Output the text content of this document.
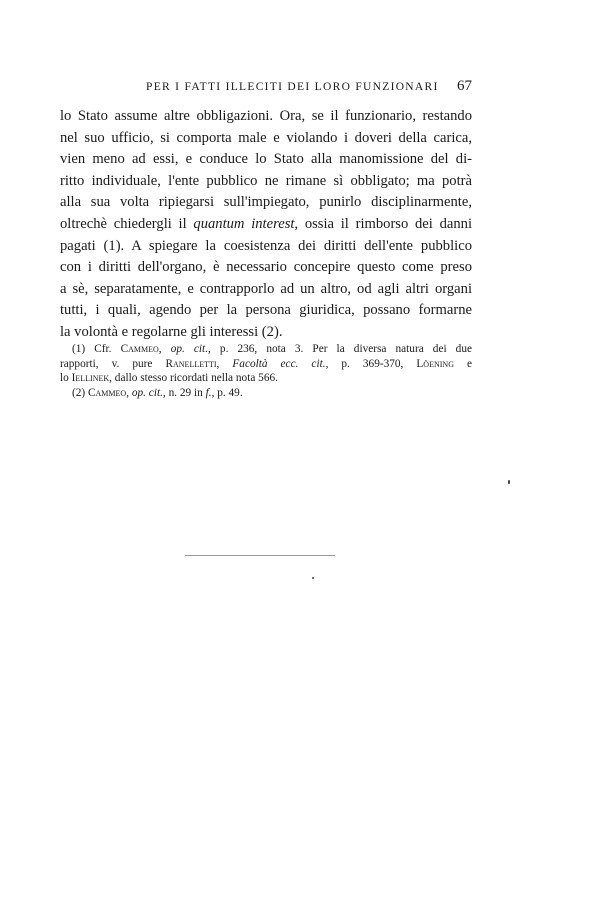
PER I FATTI ILLECITI DEI LORO FUNZIONARI 67
lo Stato assume altre obbligazioni. Ora, se il funzionario, restando
nel suo ufficio, si comporta male e violando i doveri della carica,
vien meno ad essi, e conduce lo Stato alla manomissione del di-
ritto individuale, l'ente pubblico ne rimane sì obbligato; ma potrà
alla sua volta ripiegarsi sull'impiegato, punirlo disciplinarmente,
oltrechè chiedergli il quantum interest, ossia il rimborso dei danni
pagati (1). A spiegare la coesistenza dei diritti dell'ente pubblico
con i diritti dell'organo, è necessario concepire questo come preso
a sè, separatamente, e contrapporlo ad un altro, od agli altri organi
tutti, i quali, agendo per la persona giuridica, possano formarne
la volontà e regolarne gli interessi (2).
(1) Cfr. Cammeo, op. cit., p. 236, nota 3. Per la diversa natura dei due
rapporti, v. pure Ranelletti, Facoltà ecc. cit., p. 369-370, Löening e
lo Iellinek, dallo stesso ricordati nella nota 566.
(2) Cammeo, op. cit., n. 29 in f., p. 49.
